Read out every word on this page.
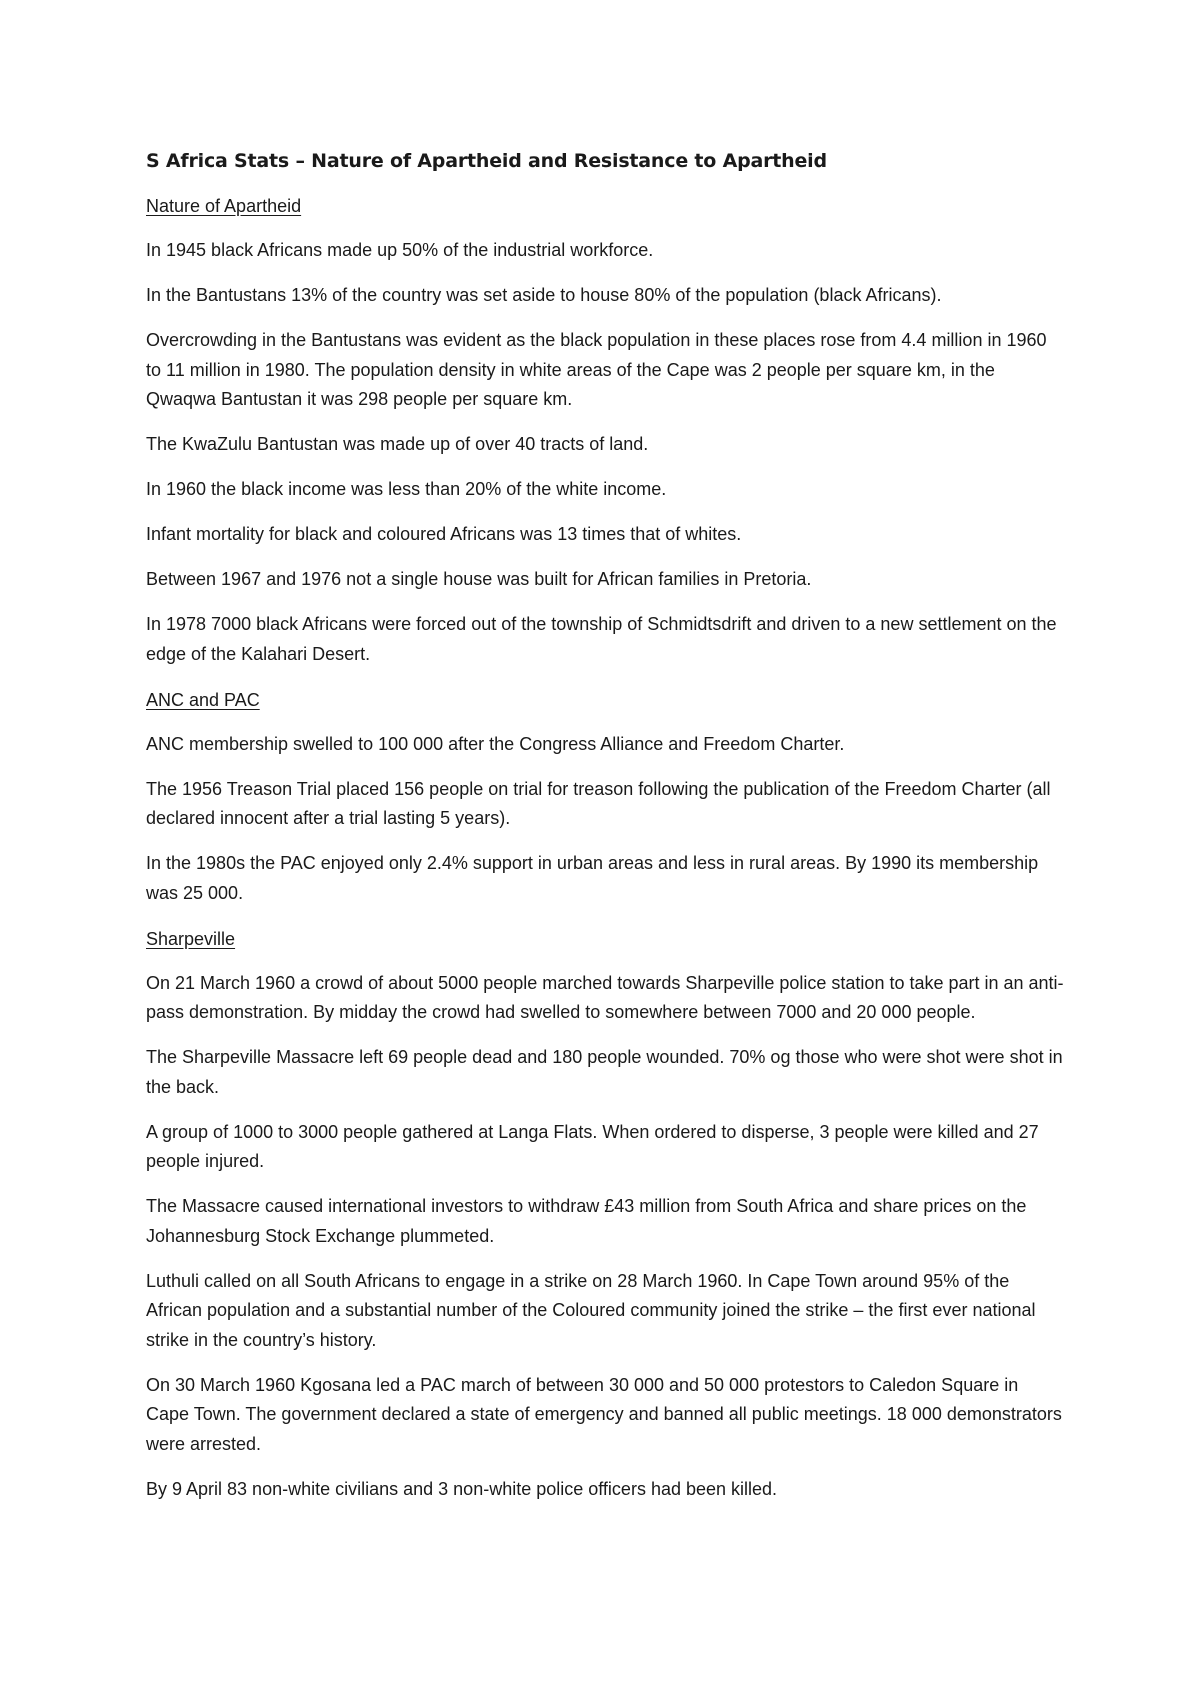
S Africa Stats – Nature of Apartheid and Resistance to Apartheid
Nature of Apartheid

In 1945 black Africans made up 50% of the industrial workforce.

In the Bantustans 13% of the country was set aside to house 80% of the population (black Africans).

Overcrowding in the Bantustans was evident as the black population in these places rose from 4.4 million in 1960 to 11 million in 1980. The population density in white areas of the Cape was 2 people per square km, in the Qwaqwa Bantustan it was 298 people per square km.

The KwaZulu Bantustan was made up of over 40 tracts of land.

In 1960 the black income was less than 20% of the white income.

Infant mortality for black and coloured Africans was 13 times that of whites.

Between 1967 and 1976 not a single house was built for African families in Pretoria.

In 1978 7000 black Africans were forced out of the township of Schmidtsdrift and driven to a new settlement on the edge of the Kalahari Desert.

ANC and PAC

ANC membership swelled to 100 000 after the Congress Alliance and Freedom Charter.

The 1956 Treason Trial placed 156 people on trial for treason following the publication of the Freedom Charter (all declared innocent after a trial lasting 5 years).

In the 1980s the PAC enjoyed only 2.4% support in urban areas and less in rural areas. By 1990 its membership was 25 000.

Sharpeville

On 21 March 1960 a crowd of about 5000 people marched towards Sharpeville police station to take part in an anti-pass demonstration. By midday the crowd had swelled to somewhere between 7000 and 20 000 people.

The Sharpeville Massacre left 69 people dead and 180 people wounded. 70% og those who were shot were shot in the back.

A group of 1000 to 3000 people gathered at Langa Flats. When ordered to disperse, 3 people were killed and 27 people injured.

The Massacre caused international investors to withdraw £43 million from South Africa and share prices on the Johannesburg Stock Exchange plummeted.

Luthuli called on all South Africans to engage in a strike on 28 March 1960. In Cape Town around 95% of the African population and a substantial number of the Coloured community joined the strike – the first ever national strike in the country’s history.

On 30 March 1960 Kgosana led a PAC march of between 30 000 and 50 000 protestors to Caledon Square in Cape Town. The government declared a state of emergency and banned all public meetings. 18 000 demonstrators were arrested.

By 9 April 83 non-white civilians and 3 non-white police officers had been killed.
